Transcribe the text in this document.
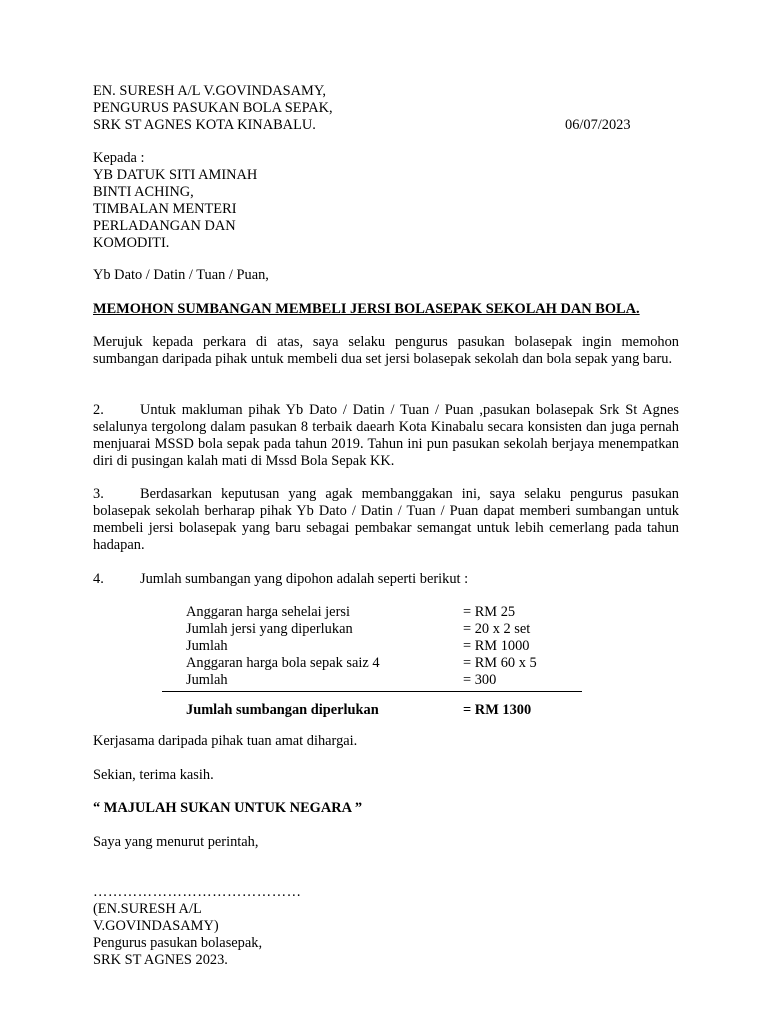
EN. SURESH A/L V.GOVINDASAMY,
PENGURUS PASUKAN BOLA SEPAK,
SRK ST AGNES KOTA KINABALU.	06/07/2023
Kepada :
YB DATUK SITI AMINAH
BINTI ACHING,
TIMBALAN MENTERI
PERLADANGAN DAN
KOMODITI.
Yb Dato / Datin / Tuan / Puan,
MEMOHON SUMBANGAN MEMBELI JERSI BOLASEPAK SEKOLAH DAN BOLA.
Merujuk kepada perkara di atas, saya selaku pengurus pasukan bolasepak ingin memohon sumbangan daripada pihak untuk membeli dua set jersi bolasepak sekolah dan bola sepak yang baru.
2.	Untuk makluman pihak Yb Dato / Datin / Tuan / Puan ,pasukan bolasepak Srk St Agnes selalunya tergolong dalam pasukan 8 terbaik daearh Kota Kinabalu secara konsisten dan juga pernah menjuarai MSSD bola sepak pada tahun 2019. Tahun ini pun pasukan sekolah berjaya menempatkan diri di pusingan kalah mati di Mssd Bola Sepak KK.
3.	Berdasarkan keputusan yang agak membanggakan ini, saya selaku pengurus pasukan bolasepak sekolah berharap pihak Yb Dato / Datin / Tuan / Puan dapat memberi sumbangan untuk membeli jersi bolasepak yang baru sebagai pembakar semangat untuk lebih cemerlang pada tahun hadapan.
4.	Jumlah sumbangan yang dipohon adalah seperti berikut :
Anggaran harga sehelai jersi	= RM 25
Jumlah jersi yang diperlukan	= 20 x 2 set
Jumlah	= RM 1000
Anggaran harga bola sepak saiz 4	= RM 60 x 5
Jumlah	= 300
Jumlah sumbangan diperlukan	= RM 1300
Kerjasama daripada pihak tuan amat dihargai.
Sekian, terima kasih.
“ MAJULAH SUKAN UNTUK NEGARA ”
Saya yang menurut perintah,
……………………………………
(EN.SURESH A/L
V.GOVINDASAMY)
Pengurus pasukan bolasepak,
SRK ST AGNES 2023.
